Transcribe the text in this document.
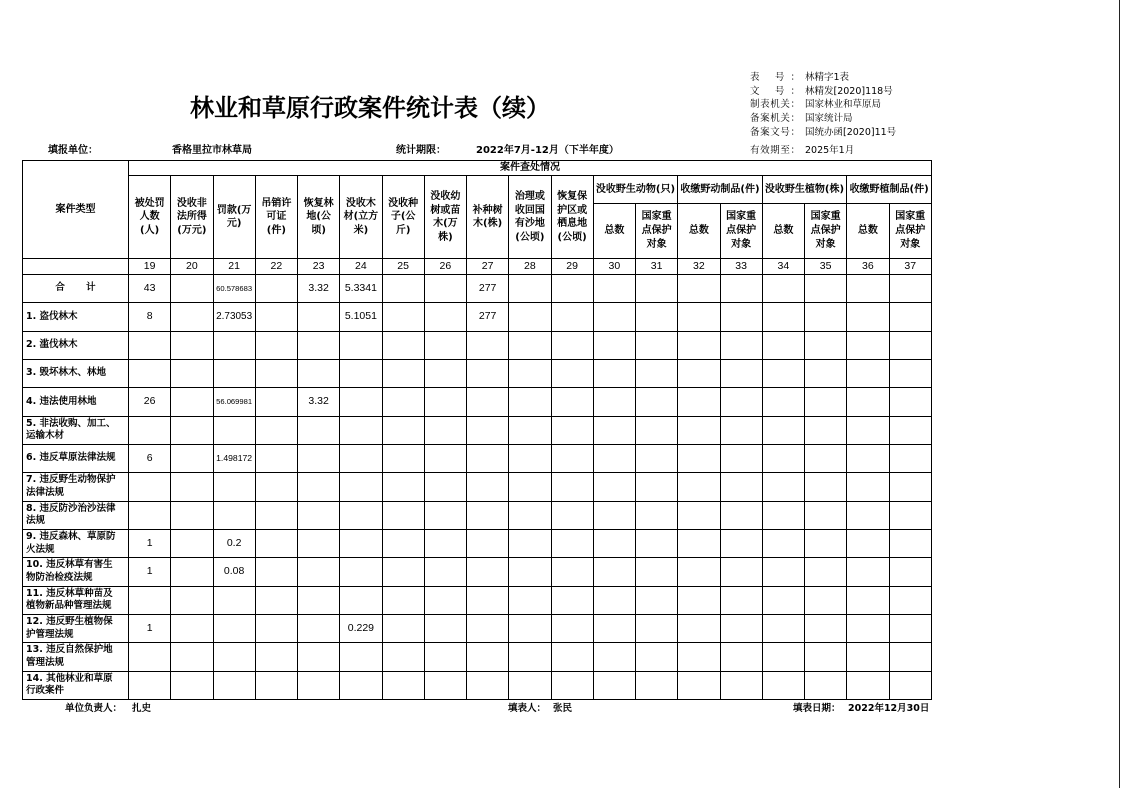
林业和草原行政案件统计表（续）
表 号： 林精字1表
文 号： 林精发[2020]118号
制表机关： 国家林业和草原局
备案机关： 国家统计局
备案文号： 国统办函[2020]11号
有效期至： 2025年1月
填报单位：	香格里拉市林草局	统计期限：	2022年7月-12月（下半年度）
案件类型	案件查处情况																		
	被处罚人数(人)	没收非法所得(万元)	罚款(万元)	吊销许可证(件)	恢复林地(公顷)	没收木材(立方米)	没收种子(公斤)	没收幼树或苗木(万株)	补种树木(株)	治理或收回国有沙地(公顷)	恢复保护区或栖息地(公顷)	没收野生动物(只)		收缴野动制品(件)		没收野生植物(株)		收缴野植制品(件)	
												总数	国家重点保护对象	总数	国家重点保护对象	总数	国家重点保护对象	总数	国家重点保护对象
	19	20	21	22	23	24	25	26	27	28	29	30	31	32	33	34	35	36	37
合    计	43		60.578683		3.32	5.3341			277										
1. 盗伐林木	8		2.73053			5.1051			277										
2. 滥伐林木																			
3. 毁坏林木、林地																			
4. 违法使用林地	26		56.069981		3.32														
5. 非法收购、加工、运输木材																			
6. 违反草原法律法规	6		1.498172																
7. 违反野生动物保护法律法规																			
8. 违反防沙治沙法律法规																			
9. 违反森林、草原防火法规	1		0.2																
10. 违反林草有害生物防治检疫法规	1		0.08																
11. 违反林草种苗及植物新品种管理法规																			
12. 违反野生植物保护管理法规	1					0.229													
13. 违反自然保护地管理法规																			
14. 其他林业和草原行政案件																			
单位负责人： 扎史	填表人： 张民	填表日期： 2022年12月30日
